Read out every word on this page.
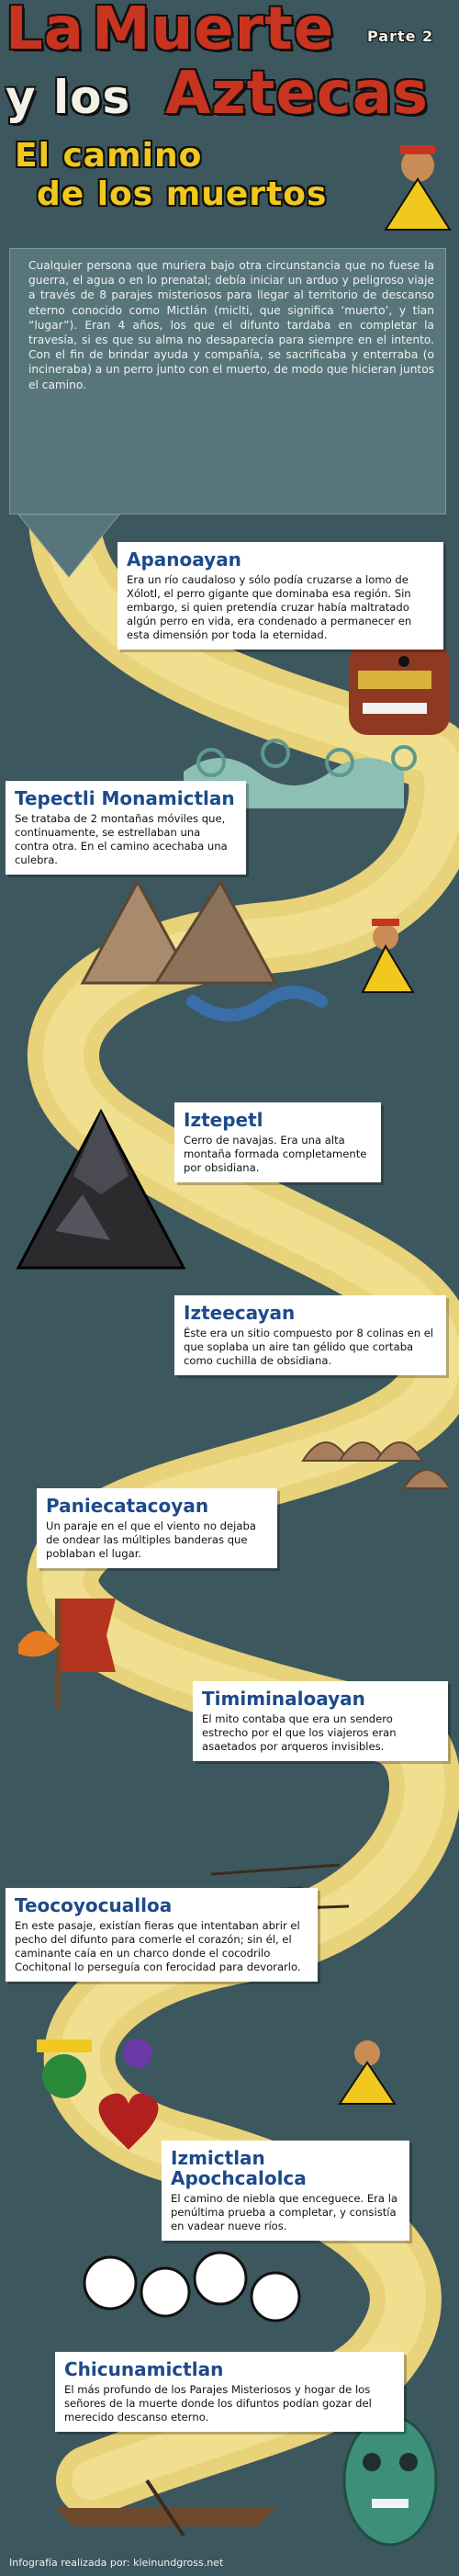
La Muerte Parte 2
y los Aztecas
El camino
de los muertos

Cualquier persona que muriera bajo otra circunstancia que no fuese la guerra, el agua o en lo prenatal; debía iniciar un arduo y peligroso viaje a través de 8 parajes misteriosos para llegar al territorio de descanso eterno conocido como Mictlán (miclti, que significa ‘muerto’, y tlan “lugar”). Eran 4 años, los que el difunto tardaba en completar la travesía, si es que su alma no desaparecía para siempre en el intento. Con el fin de brindar ayuda y compañía, se sacrificaba y enterraba (o incineraba) a un perro junto con el muerto, de modo que hicieran juntos el camino.

Apanoayan

Era un río caudaloso y sólo podía cruzarse a lomo de Xólotl, el perro gigante que dominaba esa región. Sin embargo, si quien pretendía cruzar había maltratado algún perro en vida, era condenado a permanecer en esta dimensión por toda la eternidad.

Tepectli Monamictlan

Se trataba de 2 montañas móviles que, continuamente, se estrellaban una contra otra. En el camino acechaba una culebra.

Iztepetl

Cerro de navajas. Era una alta montaña formada completamente por obsidiana.

Izteecayan

Éste era un sitio compuesto por 8 colinas en el que soplaba un aire tan gélido que cortaba como cuchilla de obsidiana.

Paniecatacoyan

Un paraje en el que el viento no dejaba de ondear las múltiples banderas que poblaban el lugar.

Timiminaloayan

El mito contaba que era un sendero estrecho por el que los viajeros eran asaetados por arqueros invisibles.

Teocoyocualloa

En este pasaje, existían fieras que intentaban abrir el pecho del difunto para comerle el corazón; sin él, el caminante caía en un charco donde el cocodrilo Cochitonal lo perseguía con ferocidad para devorarlo.

Izmictlan Apochcalolca

El camino de niebla que enceguece. Era la penúltima prueba a completar, y consistía en vadear nueve ríos.

Chicunamictlan

El más profundo de los Parajes Misteriosos y hogar de los señores de la muerte donde los difuntos podían gozar del merecido descanso eterno.

Infografía realizada por: kleinundgross.net
